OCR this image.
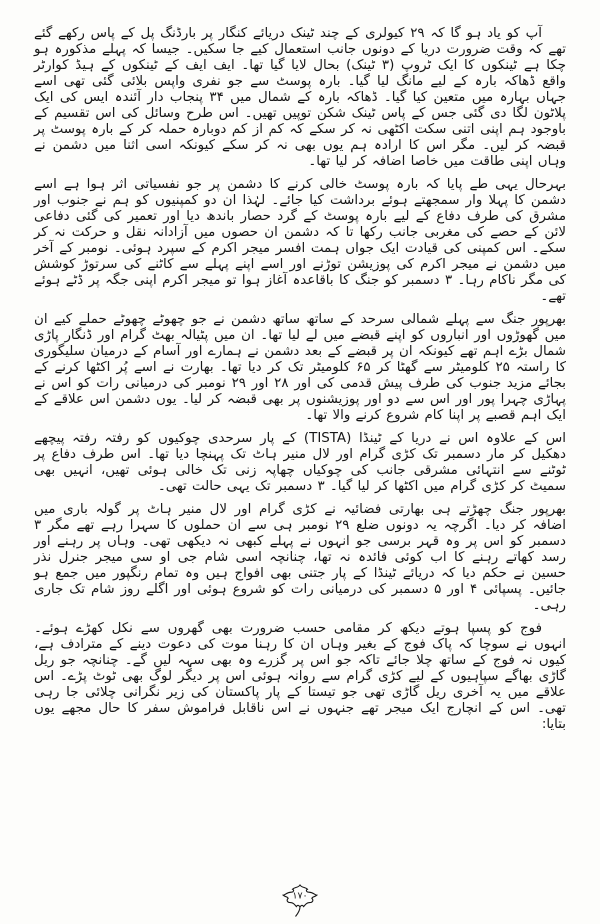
آپ کو یاد ہو گا کہ ۲۹ کیولری کے چند ٹینک دریائے کنگار پر بارڈنگ پل کے پاس رکھے گئے تھے کہ وقت ضرورت دریا کے دونوں جانب استعمال کیے جا سکیں۔ جیسا کہ پہلے مذکورہ ہو چکا ہے ٹینکوں کا ایک ٹروپ (۳ ٹینک) بحال لایا گیا تھا۔ ایف ایف کے ٹینکوں کے ہیڈ کوارٹر واقع ڈھاکہ بارہ کے لیے مانگ لیا گیا۔ بارہ پوسٹ سے جو نفری واپس بلائی گئی تھی اسے جہاں بہارہ میں متعین کیا گیا۔ ڈھاکہ بارہ کے شمال میں ۳۴ پنجاب دار آئندہ ایس کی ایک پلاٹون لگا دی گئی جس کے پاس ٹینک شکن توپیں تھیں۔ اس طرح وسائل کی اس تقسیم کے باوجود ہم اپنی اتنی سکت اکٹھی نہ کر سکے کہ کم از کم دوبارہ حملہ کر کے بارہ پوسٹ پر قبضہ کر لیں۔ مگر اس کا ارادہ ہم یوں بھی نہ کر سکے کیونکہ اسی اثنا میں دشمن نے وہاں اپنی طاقت میں خاصا اضافہ کر لیا تھا۔

بہرحال یہی طے پایا کہ بارہ پوسٹ خالی کرنے کا دشمن پر جو نفسیاتی اثر ہوا ہے اسے دشمن کا پہلا وار سمجھتے ہوئے برداشت کیا جائے۔ لہٰذا ان دو کمپنیوں کو ہم نے جنوب اور مشرق کی طرف دفاع کے لیے بارہ پوسٹ کے گرد حصار باندھ دیا اور تعمیر کی گئی دفاعی لائن کے حصے کی مغربی جانب رکھا تا کہ دشمن ان حصوں میں آزادانہ نقل و حرکت نہ کر سکے۔ اس کمپنی کی قیادت ایک جواں ہمت افسر میجر اکرم کے سپرد ہوئی۔ نومبر کے آخر میں دشمن نے میجر اکرم کی پوزیشن توڑنے اور اسے اپنے پہلے سے کاٹنے کی سرتوڑ کوشش کی مگر ناکام رہا۔ ۳ دسمبر کو جنگ کا باقاعدہ آغاز ہوا تو میجر اکرم اپنی جگہ پر ڈٹے ہوئے تھے۔

بھرپور جنگ سے پہلے شمالی سرحد کے ساتھ ساتھ دشمن نے جو چھوٹے چھوٹے حملے کیے ان میں گھوڑوں اور انباروں کو اپنے قبضے میں لے لیا تھا۔ ان میں پٹیالہ بھٹ گرام اور ڈنگار پاڑی شمال بڑے اہم تھے کیونکہ ان پر قبضے کے بعد دشمن نے ہمارے اور آسام کے درمیان سلیگوری کا راستہ ۲۵ کلومیٹر سے گھٹا کر ۶۵ کلومیٹر تک کر دیا تھا۔ بھارت نے اسے پُر اکٹھا کرنے کے بجائے مزید جنوب کی طرف پیش قدمی کی اور ۲۸ اور ۲۹ نومبر کی درمیانی رات کو اس نے پہاڑی چہرا پور اور اس سے دو اور پوزیشنوں پر بھی قبضہ کر لیا۔ یوں دشمن اس علاقے کے ایک اہم قصبے پر اپنا کام شروع کرنے والا تھا۔

اس کے علاوہ اس نے دریا کے ٹینڈا (TISTA) کے پار سرحدی چوکیوں کو رفتہ رفتہ پیچھے دھکیل کر مار دسمبر تک کڑی گرام اور لال منیر ہاٹ تک پہنچا دیا تھا۔ اس طرف دفاع پر ٹوٹنے سے انتہائی مشرقی جانب کی چوکیاں چھاپہ زنی تک خالی ہوئی تھیں، انہیں بھی سمیٹ کر کڑی گرام میں اکٹھا کر لیا گیا۔ ۳ دسمبر تک یہی حالت تھی۔

بھرپور جنگ چھڑتے ہی بھارتی فضائیہ نے کڑی گرام اور لال منیر ہاٹ پر گولہ باری میں اضافہ کر دیا۔ اگرچہ یہ دونوں ضلع ۲۹ نومبر ہی سے ان حملوں کا سہرا رہے تھے مگر ۳ دسمبر کو اس پر وہ قہر برسی جو انہوں نے پہلے کبھی نہ دیکھی تھی۔ وہاں پر رہنے اور رسد کھاتے رہنے کا اب کوئی فائدہ نہ تھا، چنانچہ اسی شام جی او سی میجر جنرل نذر حسین نے حکم دیا کہ دریائے ٹینڈا کے پار جتنی بھی افواج ہیں وہ تمام رنگپور میں جمع ہو جائیں۔ پسپائی ۴ اور ۵ دسمبر کی درمیانی رات کو شروع ہوئی اور اگلے روز شام تک جاری رہی۔

فوج کو پسپا ہوتے دیکھ کر مقامی حسب ضرورت بھی گھروں سے نکل کھڑے ہوئے۔ انہوں نے سوچا کہ پاک فوج کے بغیر وہاں ان کا رہنا موت کی دعوت دینے کے مترادف ہے، کیوں نہ فوج کے ساتھ چلا جائے تاکہ جو اس پر گزرے وہ بھی سہہ لیں گے۔ چنانچہ جو ریل گاڑی بھاگے سپاہیوں کے لیے کڑی گرام سے روانہ ہوئی اس پر دیگر لوگ بھی ٹوٹ پڑے۔ اس علاقے میں یہ آخری ریل گاڑی تھی جو تیستا کے پار پاکستان کی زیر نگرانی چلائی جا رہی تھی۔ اس کے انچارج ایک میجر تھے جنہوں نے اس ناقابل فراموش سفر کا حال مجھے یوں بتایا:

۱۷۰
